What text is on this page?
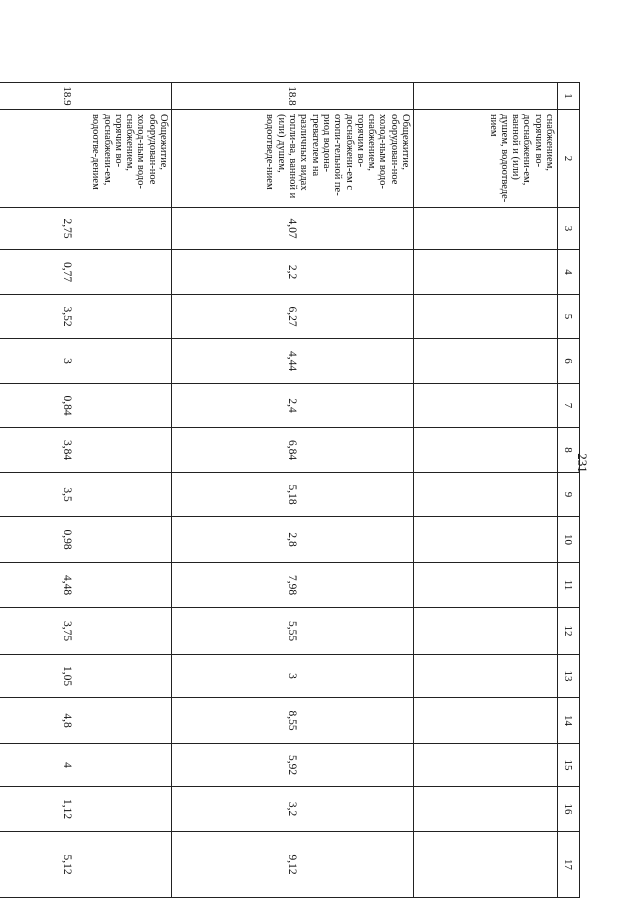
231
1	2	3	4	5	6	7	8	9	10	11	12	13	14	15	16	17
	снабжением, горячим во-доснабжени-ем, ванной и (или) душем, водоотведе-нием															
18.8	Общежитие, оборудован-ное холод-ным водо-снабжением, горячим во-доснабжени-ем с отопи-тельной пе-риод водона-гревателем на различных видах топли-ва, ванной и (или) душем, водоотведе-нием	4,07	2,2	6,27	4,44	2,4	6,84	5,18	2,8	7,98	5,55	3	8,55	5,92	3,2	9,12
18.9	Общежитие, оборудован-ное холод-ным водо-снабжением, горячим во-доснабжени-ем, водоотве-дением	2,75	0,77	3,52	3	0,84	3,84	3,5	0,98	4,48	3,75	1,05	4,8	4	1,12	5,12
